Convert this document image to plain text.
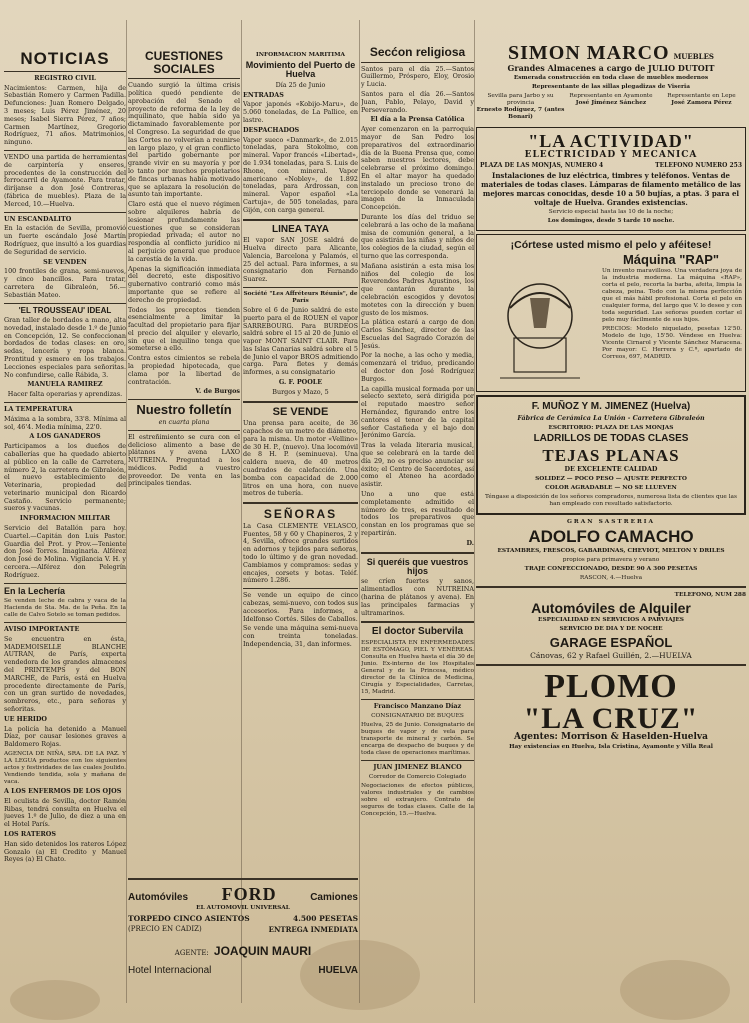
NOTICIAS
REGISTRO CIVIL
Nacimientos: Carmen, hija de Sebastián Romero y Carmen Padilla. Defunciones: Juan Romero Delgado, 3 meses; Luis Pérez Jiménez, 20 meses; Isabel Sierra Pérez, 7 años; Carmen Martínez, Gregorio Rodríguez, 71 años. Matrimonios, ninguno.
VENDO una partida de herramientas de carpintería y enseres, procedentes de la construcción del ferrocarril de Ayamonte. Para tratar, diríjanse a don José Contreras, (fábrica de muebles). Plaza de la Merced, 10.—Huelva.
UN ESCANDALITO
En la estación de Sevilla, promovió un fuerte escándalo José Martín Rodríguez, que insultó a los guardias de Seguridad de servicio.
SE VENDEN
100 frontiles de grana, semi-nuevos, y cinco bancillos. Para tratar, carretera de Gibraleón, 56.—Sebastián Mateo.
'EL TROUSSEAU' IDEAL
Gran taller de bordados a mano, alta novedad, instalado desde 1.º de Junio en Concepción, 12. Se confeccionan bordados de todas clases: en oro, sedas, lencería y ropa blanca. Prontitud y esmero en los trabajos. Lecciones especiales para señoritas. No confundirse, calle Rábida, 3.
MANUELA RAMIREZ
Hacer falta operarias y aprendizas.
LA TEMPERATURA
Máxima a la sombra, 33'8. Mínima al sol, 46'4. Media mínima, 22'0.
A LOS GANADEROS
Participamos a los dueños de caballerías que ha quedado abierto al público en la calle de Carretera, número 2, la carretera de Gibraleón, el nuevo establecimiento de Veterinaria, propiedad del veterinario municipal don Ricardo Castaño. Servicio permanente; sueros y vacunas.
INFORMACION MILITAR
Servicio del Batallón para hoy. Cuartel.—Capitán don Luis Pastor. Guardia del Prot. y Prov.—Teniente don José Torres. Imaginaria. Alférez don José de Molina. Vigilancia V. H. y cercera.—Alférez don Pelegrín Rodríguez.
En la Lechería
Se venden leche de cabra y vaca de la Hacienda de Sta. Ma. de la Peña. En la calle de Calvo Sotelo se toman pedidos.
AVISO IMPORTANTE
Se encuentra en ésta, MADEMOISELLE BLANCHE AUTRAN, de París, experta vendedora de los grandes almacenes del PRINTEMPS y del BON MARCHÉ, de París, está en Huelva procedente directamente de París, con un gran surtido de novedades, sombreros, etc., para señoras y señoritas.
UE HERIDO
La policía ha detenido a Manuel Díaz, por causar lesiones graves a Baldomero Rojas.
AGENCIA DE NIÑA, SRA. DE LA PAZ. Y LA LEGUA productos con los siguientes actos y festividades de las cuales Joulido. Vendiendo tendida, sola y mañana de vaca.
A LOS ENFERMOS DE LOS OJOS
El oculista de Sevilla, doctor Ramón Ribas, tendrá consulta en Huelva el jueves 1.º de Julio, de diez a una en el Hotel París.
LOS RATEROS
Han sido detenidos los rateros López Gonzalo (a) El Credito y Manuel Reyes (a) El Chato.
CUESTIONES SOCIALES
Cuando surgió la última crisis política quedó pendiente de aprobación del Senado el proyecto de reforma de la ley de inquilinato, que había sido ya dictaminado favorablemente por el Congreso. La seguridad de que las Cortes no volverían a reunirse en largo plazo, y el gran conflicto del partido gobernante por grande vivir en su mayoría y por lo tanto por muchos propietarios de fincas urbanas había motivado que se aplazara la resolución de asunto tan importante.
Claro está que el nuevo régimen sobre alquileres habría de lesionar profundamente las cuestiones que se consideran propiedad privada; el autor no respondía al conflicto jurídico ni al perjuicio general que produce la carestía de la vida.
Apenas la significación inmediata del decreto, este dispositivo gubernativo contrarió como más importante que se refiere al derecho de propiedad.
Todos los preceptos tienden esencialmente a limitar la facultad del propietario para fijar el precio del alquiler y elevarlo, sin que el inquilino tenga que someterse a ello.
Contra estos cimientos se rebela la propiedad hipotecada, que clama por la libertad de contratación.
V. de Burgos
Nuestro folletín
en cuarta plana
El estreñimiento se cura con el delicioso alimento a base de plátanos y avena LAXO NUTREINA. Preguntad a los médicos. Pedid a vuestro proveedor. De venta en las principales tiendas.
INFORMACION MARITIMA
Movimiento del Puerto de Huelva
Día 25 de Junio
ENTRADAS
Vapor japonés «Kobijo-Maru», de 5.060 toneladas, de La Pallice, en lastre.
DESPACHADOS
Vapor sueco «Danmark», de 2.015 toneladas, para Stokolmo, con mineral. Vapor francés «Libertad», de 1.934 toneladas, para S. Luis de Rhone, con mineral. Vapor americano «Nobley», de 1.892 toneladas, para Ardrossan, con mineral. Vapor español «La Cartuja», de 505 toneladas, para Gijón, con carga general.
LINEA TAYA
El vapor SAN JOSE saldrá de Huelva directo para Alicante, Valencia, Barcelona y Palamós, el 25 del actual. Para informes, a su consignatario don Fernando Suarez.
Société "Les Affréteurs Réunis", de París
Sobre el 6 de Junio saldrá de este puerto para el de ROUEN el vapor SARREBOURG. Para BURDEOS saldrá sobre el 15 al 20 de Junio el vapor MONT SAINT CLAIR. Para las Islas Canarias saldrá sobre el 5 de Junio el vapor BROS admitiendo carga. Para fletes y demás informes, a su consignatario
G. F. POOLE
Burgos y Mazo, 5
SE VENDE
Una prensa para aceite, de 36 capachos de un metro de diámetro, para la misma. Un motor «Vellino» de 30 H. P., (nuevo). Una locomóvil de 8 H. P. (seminueva). Una caldera nueva, de 40 metros cuadrados de calefacción. Una bomba con capacidad de 2.000 litros en una hora, con nueve metros de tubería.
SEÑORAS
La Casa CLEMENTE VELASCO, Fuentes, 58 y 60 y Chapineros, 2 y 4, Sevilla, ofrece grandes surtidos en adornos y tejidos para señoras, todo lo último y de gran novedad. Cambiamos y compramos: sedas y encajes, corsets y botas. Teléf. número 1.286.
Se vende un equipo de cinco cabezas, semi-nuevo, con todos sus accesorios. Para informes, a Idelfonso Cortés. Siles de Caballos.
Se vende una máquina semi-nueva con treinta toneladas. Independencia, 31, dan informes.
Automóviles FORD	Camiones
EL AUTOMOVIL UNIVERSAL
TORPEDO CINCO ASIENTOS	4.500 PESETAS
(PRECIO EN CADIZ)	ENTREGA INMEDIATA
AGENTE: JOAQUIN MAURI
Hotel Internacional	HUELVA
Secćon religiosa
Santos para el día 25.—Santos Guillermo, Próspero, Eloy, Orosio y Lucia.
Santos para el día 26.—Santos Juan, Pablo, Pelayo, David y Perseverando.
El día a la Prensa Católica
Ayer comenzaron en la parroquia mayor de San Pedro los preparativos del extraordinario día de la Buena Prensa que, como saben nuestros lectores, debe celebrarse el próximo domingo. En el altar mayor ha quedado instalado un precioso trono de terciopelo donde se venerará la imagen de la Inmaculada Concepción.
Durante los días del triduo se celebrará a las ocho de la mañana misa de comunión general, a la que asistirán las niñas y niños de los colegios de la ciudad, según el turno que las corresponda.
Mañana asistirán a esta misa los niños del colegio de los Reverendos Padres Agustinos, los que cantarán durante la celebración escogidos y devotos motetes con la dirección y buen gusto de los mismos.
La plática estará a cargo de don Carlos Sánchez, director de las Escuelas del Sagrado Corazón de Jesús.
Por la noche, a las ocho y media, comenzará el triduo, predicando el doctor don José Rodríguez Burgos.
La capilla musical formada por un selecto sexteto, será dirigida por el reputado maestro señor Hernández, figurando entre los cantores el tenor de la capital señor Castañeda y el bajo don Jerónimo García.
Tras la velada literaria musical, que se celebrará en la tarde del día 29, no es preciso anunciar su éxito; el Centro de Sacerdotes, así como el Ateneo ha acordado asistir.
Uno a uno que está completamente admitido el número de tres, es resultado de todos los preparativos que constan en los programas que se repartirán.
D.
Si queréis que vuestros hijos
se críen fuertes y sanos, alimentadlos con NUTREINA (harina de plátanos y avena). En las principales farmacias y ultramarinos.
El doctor Subervila
ESPECIALISTA EN ENFERMEDADES DE ESTÓMAGO, PIEL Y VENÉREAS. Consulta en Huelva hasta el día 30 de Junio. Ex-interno de los Hospitales General y de la Princesa, médico director de la Clínica de Medicina, Cirugía y Especialidades, Carretas, 15, Madrid.
Francisco Manzano Díaz
CONSIGNATARIO DE BUQUES
Huelva, 25 de Junio. Consignatario de buques de vapor y de vela para transporte de mineral y carbón. Se encarga de despacho de buques y de toda clase de operaciones marítimas.
JUAN JIMENEZ BLANCO
Corredor de Comercio Colegiado
Negociaciones de efectos públicos, valores industriales y de cambios sobre el extranjero. Contrato de seguros de todas clases. Calle de la Concepción, 15.—Huelva.
SIMON MARCO MUEBLES
Grandes Almacenes a cargo de JULIO DUTOIT
Esmerada construcción en toda clase de muebles modernos
Representante de las sillas plegadizas de Viseria
Sevilla para Jarbo y su provincia
Ernesto Rodíguez, 7 (antes Bonari)
Representante en Ayamonte
José Jiménez Sánchez
Representante en Lepe
José Zamora Pérez
"LA ACTIVIDAD"
ELECTRICIDAD Y MECANICA
PLAZA DE LAS MONJAS, NUMERO 4	TELEFONO NUMERO 253
Instalaciones de luz eléctrica, timbres y teléfonos. Ventas de materiales de todas clases. Lámparas de filamento metálico de las mejores marcas conocidas, desde 10 a 50 bujías, a ptas. 3 para el voltaje de Huelva. Grandes existencias.
Servicio especial hasta las 10 de la noche;
Los domingos, desde 5 tarde 10 noche.
¡Córtese usted mismo el pelo y aféitese!
Máquina "RAP"
Un invento maravilloso. Una verdadera joya de la industria moderna. La máquina «RAP», corta el pelo, recorta la barba, afeita, limpia la cabeza, peina. Todo con la misma perfección que el más hábil profesional. Corta el pelo en cualquier forma, del largo que V. lo desee y con toda seguridad. Las señoras pueden cortar el pelo muy fácilmente de sus hijos.
PRECIOS: Modelo niquelado, pesetas 12'50. Modelo de lujo, 15'50. Véndese en Huelva: Vicente Cirnarol y Vicente Sánchez Maracena. Por mayor: C. Herrera y C.ª, apartado de Correos, 697, MADRID.
F. MUÑOZ Y M. JIMENEZ (Huelva)
Fábrica de Cerámica La Unión - Carretera Gibraleón
ESCRITORIO: PLAZA DE LAS MONJAS
LADRILLOS DE TODAS CLASES
TEJAS PLANAS
DE EXCELENTE CALIDAD
SOLIDEZ — POCO PESO — AJUSTE PERFECTO
COLOR AGRADABLE — NO SE LLUEVEN
Téngase a disposición de los señores compradores, numerosa lista de clientes que las han empleado con resultado satisfactorio.
GRAN SASTRERIA
ADOLFO CAMACHO
ESTAMBRES, FRESCOS, GABARDINAS, CHEVIOT, MELTON Y DRILES
propios para primavera y verano
TRAJE CONFECCIONADO, DESDE 90 A 300 PESETAS
RASCON, 4.—Huelva
TELEFONO, NUM 288
Automóviles de Alquiler
ESPECIALIDAD EN SERVICIOS A PARVIAJES
SERVICIO DE DIA Y DE NOCHE
GARAGE ESPAÑOL
Cánovas, 62 y Rafael Guillén, 2.—HUELVA
PLOMO
"LA CRUZ"
Agentes: Morrison & Haselden-Huelva
Hay existencias en Huelva, Isla Cristina, Ayamonte y Villa Real
